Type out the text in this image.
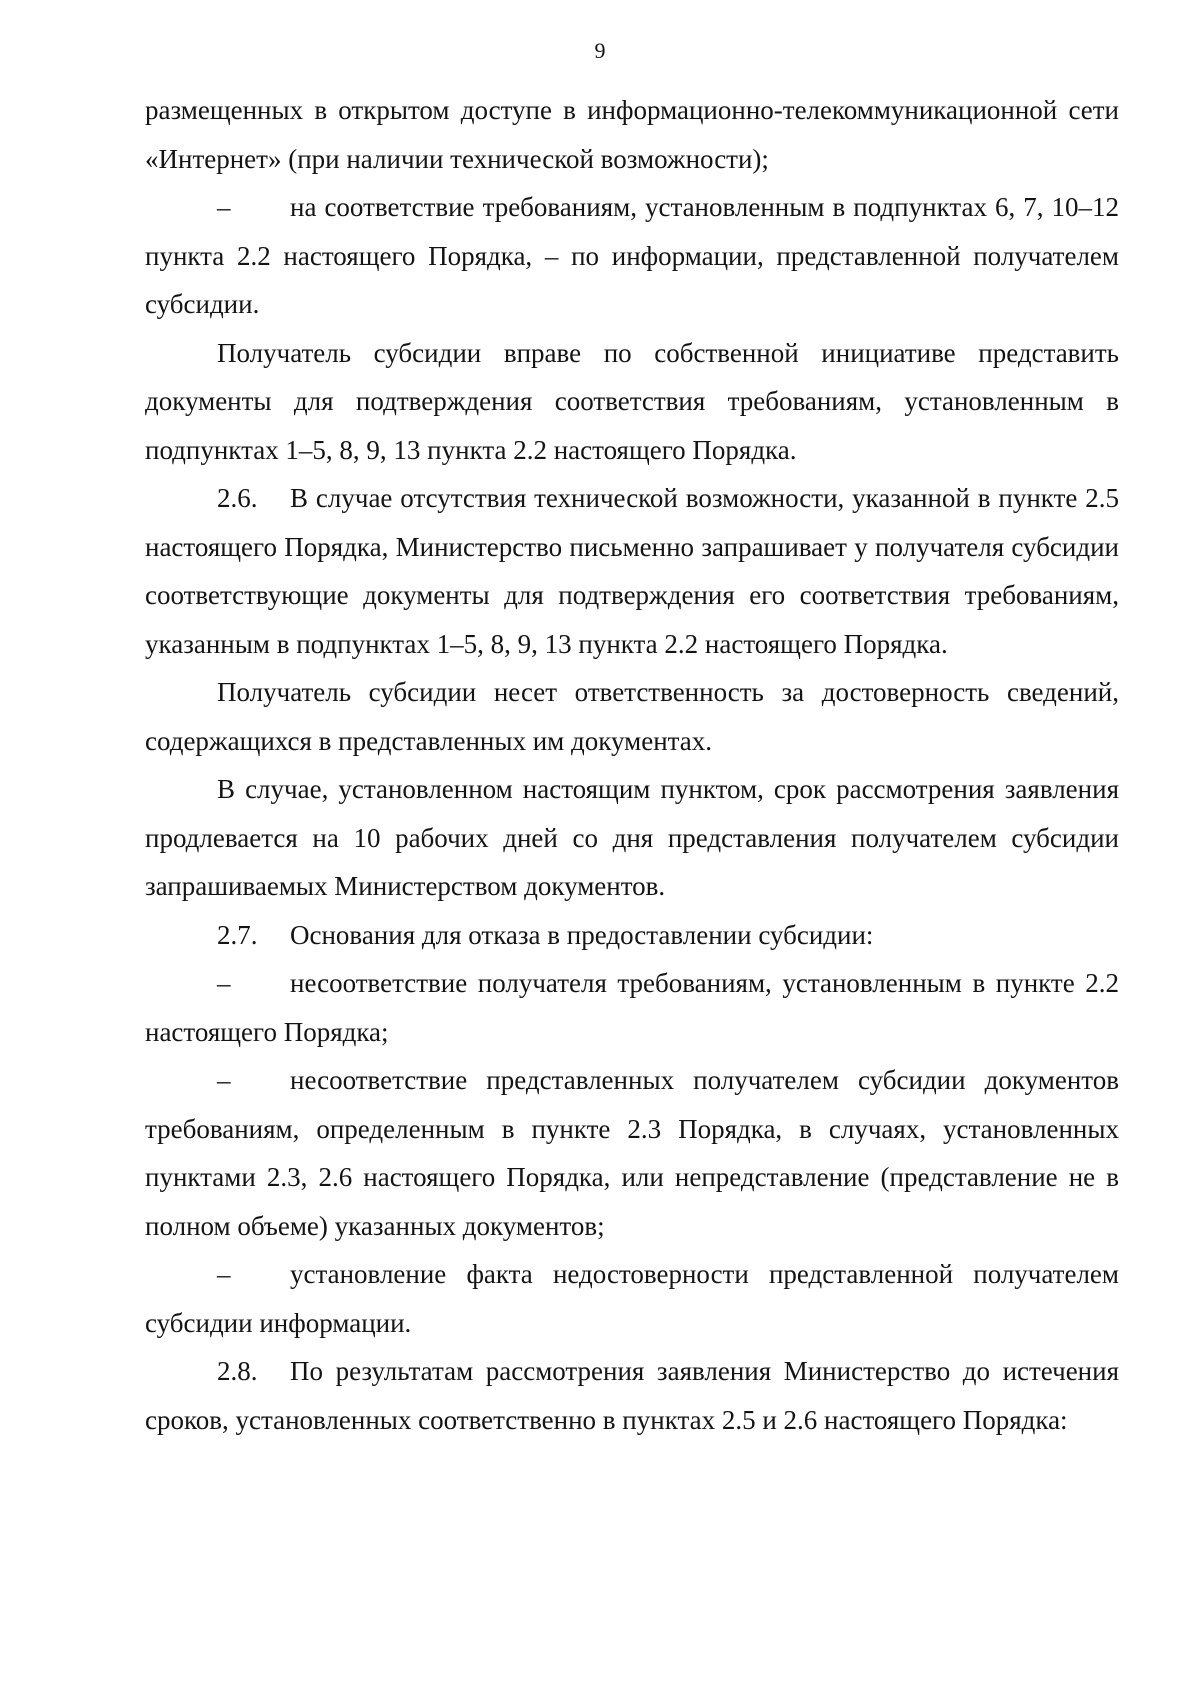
9

размещенных в открытом доступе в информационно-телекоммуникационной сети «Интернет» (при наличии технической возможности);

– на соответствие требованиям, установленным в подпунктах 6, 7, 10–12 пункта 2.2 настоящего Порядка, – по информации, представленной получателем субсидии.

Получатель субсидии вправе по собственной инициативе представить документы для подтверждения соответствия требованиям, установленным в подпунктах 1–5, 8, 9, 13 пункта 2.2 настоящего Порядка.

2.6. В случае отсутствия технической возможности, указанной в пункте 2.5 настоящего Порядка, Министерство письменно запрашивает у получателя субсидии соответствующие документы для подтверждения его соответствия требованиям, указанным в подпунктах 1–5, 8, 9, 13 пункта 2.2 настоящего Порядка.

Получатель субсидии несет ответственность за достоверность сведений, содержащихся в представленных им документах.

В случае, установленном настоящим пунктом, срок рассмотрения заявления продлевается на 10 рабочих дней со дня представления получателем субсидии запрашиваемых Министерством документов.

2.7. Основания для отказа в предоставлении субсидии:

– несоответствие получателя требованиям, установленным в пункте 2.2 настоящего Порядка;

– несоответствие представленных получателем субсидии документов требованиям, определенным в пункте 2.3 Порядка, в случаях, установленных пунктами 2.3, 2.6 настоящего Порядка, или непредставление (представление не в полном объеме) указанных документов;

– установление факта недостоверности представленной получателем субсидии информации.

2.8. По результатам рассмотрения заявления Министерство до истечения сроков, установленных соответственно в пунктах 2.5 и 2.6 настоящего Порядка:
